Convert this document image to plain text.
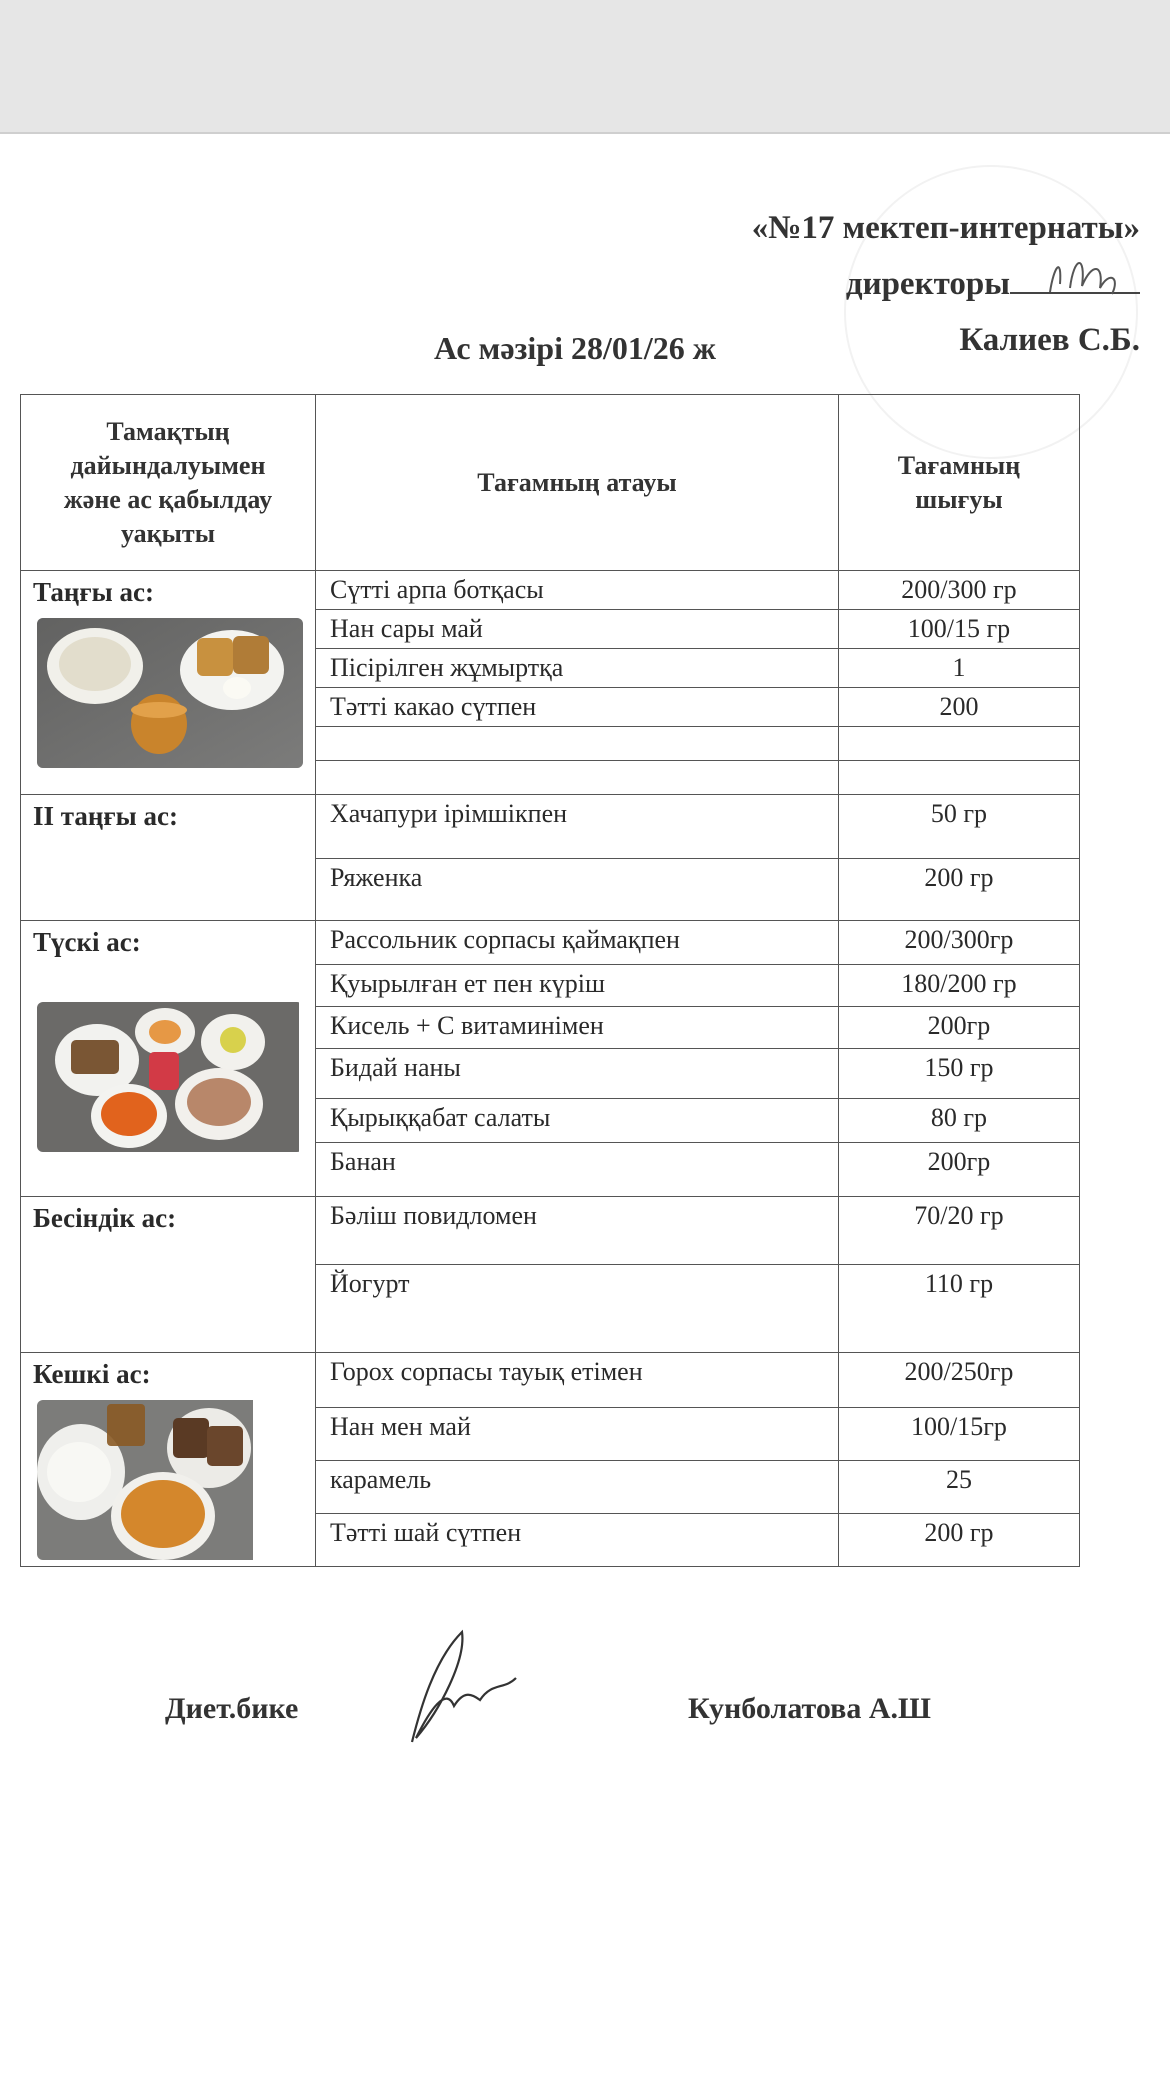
«№17 мектеп-интернаты»
директоры
Калиев С.Б.
Ас мәзірі 28/01/26 ж
Тамақтың дайындалуымен және ас қабылдау уақыты	Тағамның атауы	Тағамның шығуы

Таңғы ас:	Сүтті арпа ботқасы	200/300 гр
	Нан сары май	100/15 гр
	Пісірілген жұмыртқа	1
	Тәтті какао сүтпен	200

ІІ таңғы ас:	Хачапури ірімшікпен	50 гр
	Ряженка	200 гр

Түскі ас:	Рассольник сорпасы қаймақпен	200/300гр
	Қуырылған ет пен күріш	180/200 гр
	Кисель + С витаминімен	200гр
	Бидай наны	150 гр
	Қырыққабат салаты	80 гр
	Банан	200гр

Бесіндік ас:	Бәліш повидломен	70/20 гр
	Йогурт	110 гр

Кешкі ас:	Горох сорпасы тауық етімен	200/250гр
	Нан мен май	100/15гр
	карамель	25
	Тәтті шай сүтпен	200 гр
Диет.бике	Кунболатова А.Ш
